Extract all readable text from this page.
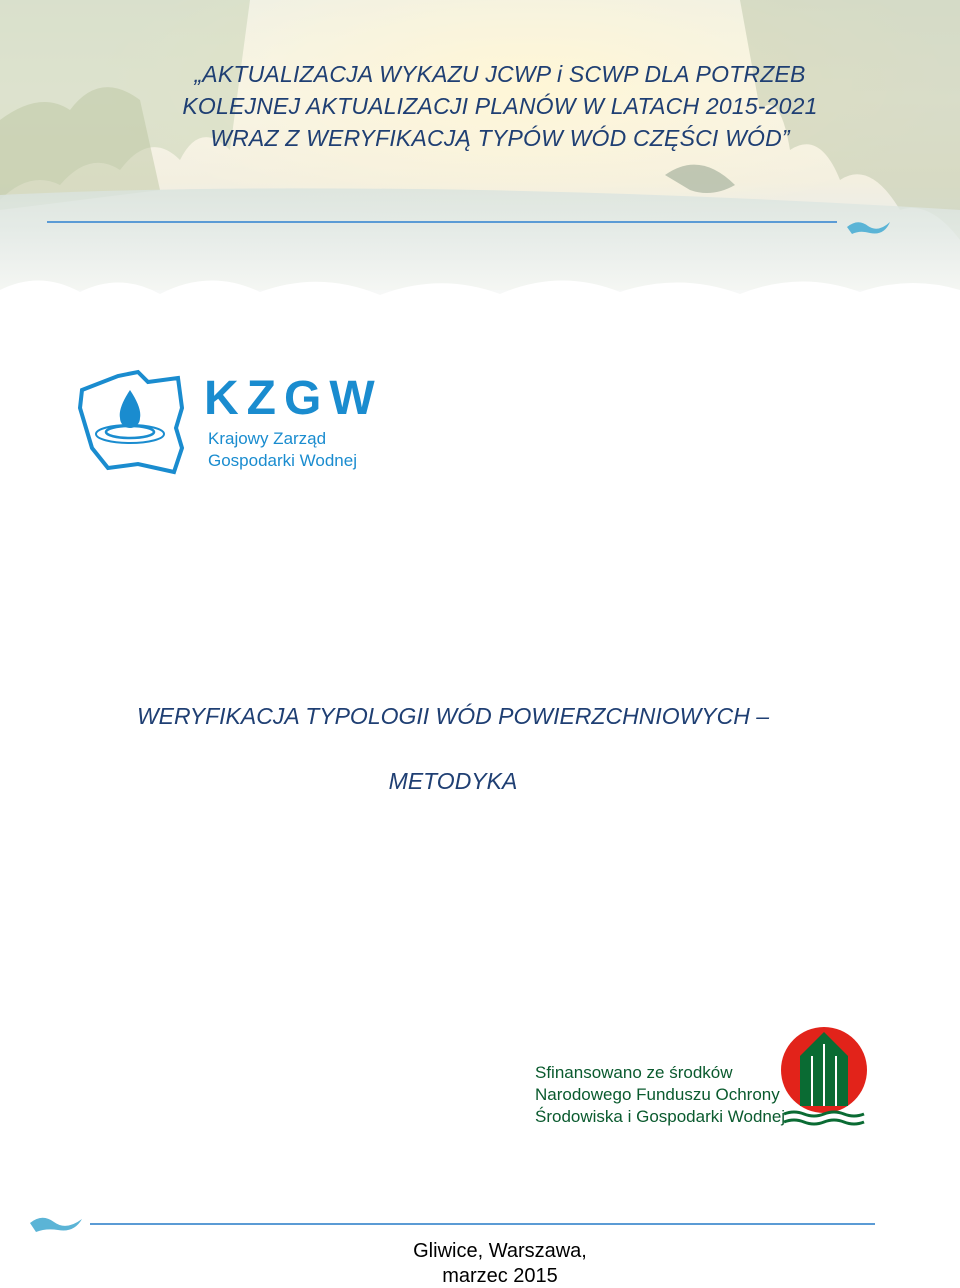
„AKTUALIZACJA WYKAZU JCWP i SCWP DLA POTRZEB
KOLEJNEJ AKTUALIZACJI PLANÓW W LATACH 2015-2021
WRAZ Z WERYFIKACJĄ TYPÓW WÓD CZĘŚCI WÓD”
KZGW
Krajowy Zarząd
Gospodarki Wodnej
WERYFIKACJA TYPOLOGII WÓD POWIERZCHNIOWYCH –
METODYKA
Sfinansowano ze środków
Narodowego Funduszu Ochrony
Środowiska i Gospodarki Wodnej
Gliwice, Warszawa,
marzec 2015
